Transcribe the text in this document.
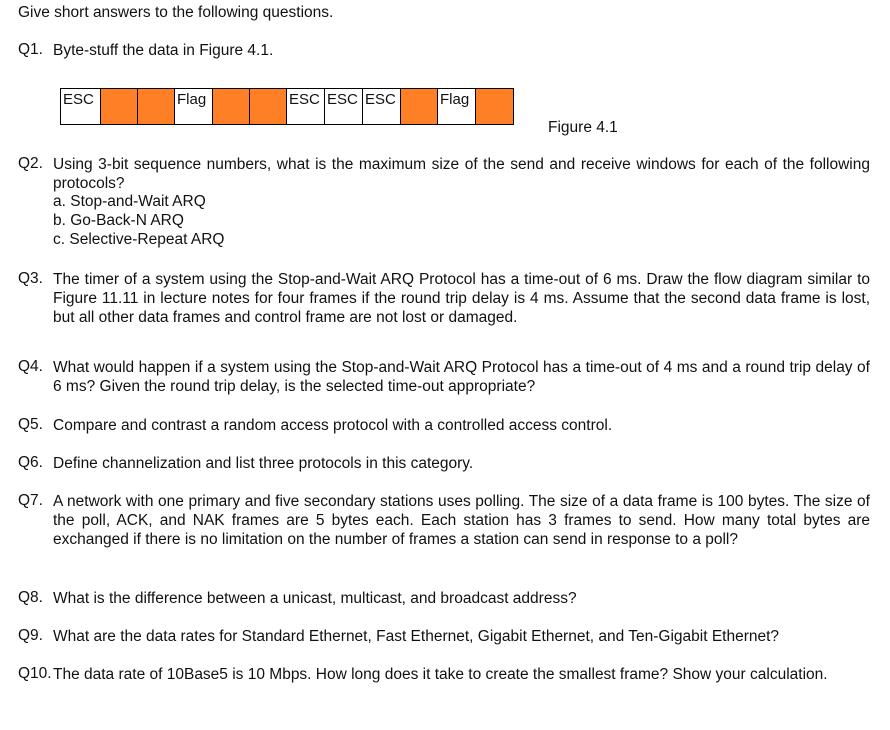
Give short answers to the following questions.
Q1. Byte-stuff the data in Figure 4.1.
ESC	Flag	ESC ESC ESC	Flag
Figure 4.1
Q2. Using 3-bit sequence numbers, what is the maximum size of the send and receive windows for each of the following protocols?
a. Stop-and-Wait ARQ
b. Go-Back-N ARQ
c. Selective-Repeat ARQ
Q3. The timer of a system using the Stop-and-Wait ARQ Protocol has a time-out of 6 ms. Draw the flow diagram similar to Figure 11.11 in lecture notes for four frames if the round trip delay is 4 ms. Assume that the second data frame is lost, but all other data frames and control frame are not lost or damaged.
Q4. What would happen if a system using the Stop-and-Wait ARQ Protocol has a time-out of 4 ms and a round trip delay of 6 ms? Given the round trip delay, is the selected time-out appropriate?
Q5. Compare and contrast a random access protocol with a controlled access control.
Q6. Define channelization and list three protocols in this category.
Q7. A network with one primary and five secondary stations uses polling. The size of a data frame is 100 bytes. The size of the poll, ACK, and NAK frames are 5 bytes each. Each station has 3 frames to send. How many total bytes are exchanged if there is no limitation on the number of frames a station can send in response to a poll?
Q8. What is the difference between a unicast, multicast, and broadcast address?
Q9. What are the data rates for Standard Ethernet, Fast Ethernet, Gigabit Ethernet, and Ten-Gigabit Ethernet?
Q10. The data rate of 10Base5 is 10 Mbps. How long does it take to create the smallest frame? Show your calculation.
